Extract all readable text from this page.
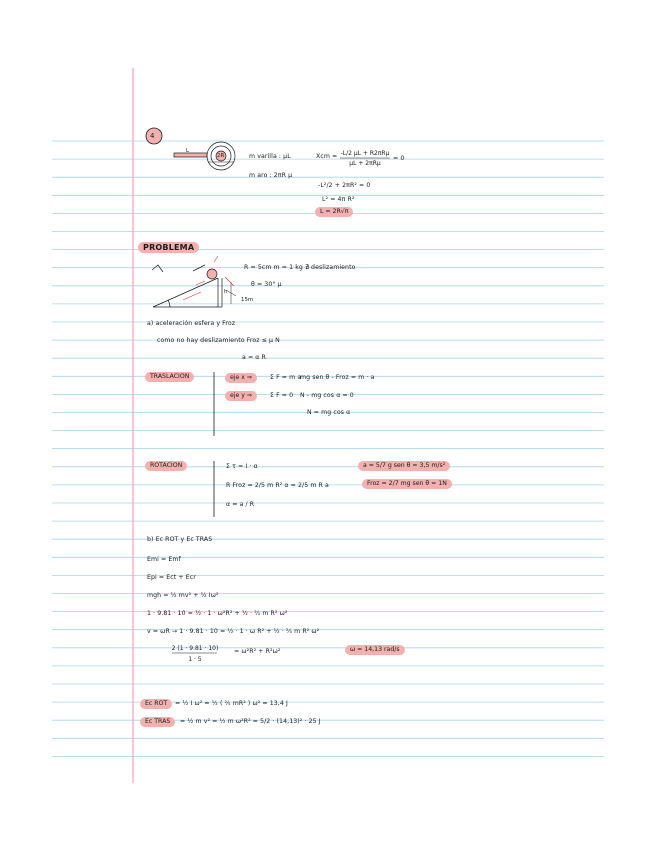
4
2R
L
m varilla : μL
m aro : 2πR μ
Xcm = -L/2 μL + R2πRμ
μL + 2πRμ
= 0
-L²/2 + 2πR² = 0
L² = 4π R²
L = 2R√π
PROBLEMA
R = 5cm m = 1 kg ∄ deslizamiento
θ = 30° μ
h
15m
a) aceleración esfera y Froz
como no hay deslizamiento Froz ≤ μ N
a = α R
TRASLACION	eje x ⇒	Σ F = m a
mg sen θ - Froz = m · a
eje y ⇒	Σ F = 0 N - mg cos α = 0
N = mg cos α
ROTACION	Σ τ = I · α
R Froz = 2/5 m R² α = 2/5 m R a
α = a / R
a = 5/7 g sen θ = 3,5 m/s²
Froz = 2/7 mg sen θ = 1N
b) Ec ROT y Ec TRAS
Emi = Emf
Epi = Ect + Ecr
mgh = ½ mv² + ½ Iω²
1 · 9.81 · 10 = ½ · 1 · ω²R² + ½ · ⅖ m R² ω²
v = ωR → 1 · 9.81 · 10 = ½ · 1 · ω R² + ½ · ⅖ m R² ω²
2 (1 · 9.81 · 10)
1 · 5
= ω²R² + R²ω²	ω = 14,13 rad/s
Ec ROT	= ½ I ω² = ½ ( ⅖ mR² ) ω² = 13,4 J
Ec TRAS	= ½ m v² = ½ m ω²R² = 5/2 · (14,13)² · 25 J
